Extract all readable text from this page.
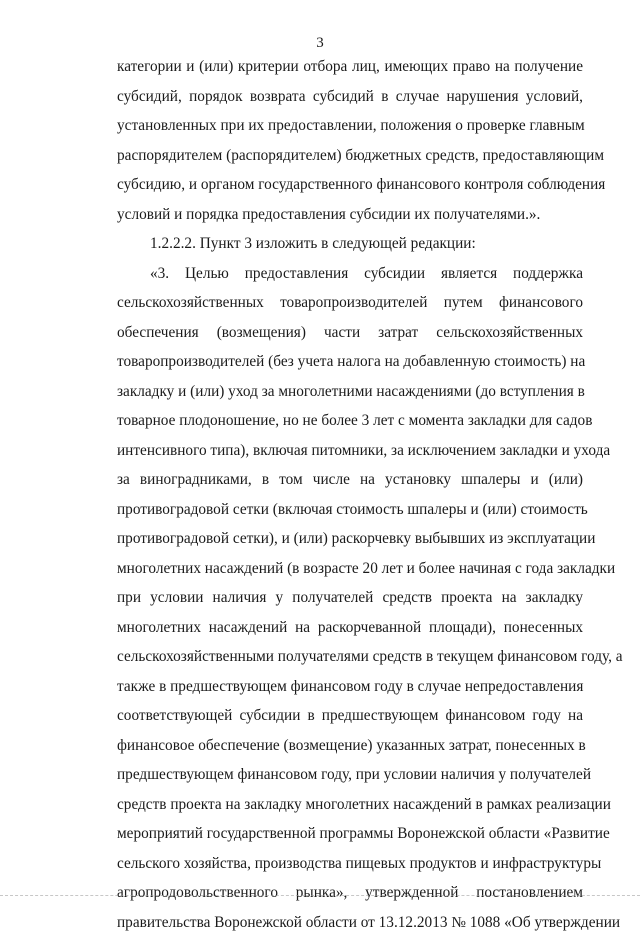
3
категории и (или) критерии отбора лиц, имеющих право на получение
субсидий, порядок возврата субсидий в случае нарушения условий,
установленных при их предоставлении, положения о проверке главным
распорядителем (распорядителем) бюджетных средств, предоставляющим
субсидию, и органом государственного финансового контроля соблюдения
условий и порядка предоставления субсидии их получателями.».
1.2.2.2. Пункт 3 изложить в следующей редакции:
«3. Целью предоставления субсидии является поддержка
сельскохозяйственных товаропроизводителей путем финансового
обеспечения (возмещения) части затрат сельскохозяйственных
товаропроизводителей (без учета налога на добавленную стоимость) на
закладку и (или) уход за многолетними насаждениями (до вступления в
товарное плодоношение, но не более 3 лет с момента закладки для садов
интенсивного типа), включая питомники, за исключением закладки и ухода
за виноградниками, в том числе на установку шпалеры и (или)
противоградовой сетки (включая стоимость шпалеры и (или) стоимость
противоградовой сетки), и (или) раскорчевку выбывших из эксплуатации
многолетних насаждений (в возрасте 20 лет и более начиная с года закладки
при условии наличия у получателей средств проекта на закладку
многолетних насаждений на раскорчеванной площади), понесенных
сельскохозяйственными получателями средств в текущем финансовом году, а
также в предшествующем финансовом году в случае непредоставления
соответствующей субсидии в предшествующем финансовом году на
финансовое обеспечение (возмещение) указанных затрат, понесенных в
предшествующем финансовом году, при условии наличия у получателей
средств проекта на закладку многолетних насаждений в рамках реализации
мероприятий государственной программы Воронежской области «Развитие
сельского хозяйства, производства пищевых продуктов и инфраструктуры
агропродовольственного рынка», утвержденной постановлением
правительства Воронежской области от 13.12.2013 № 1088 «Об утверждении
